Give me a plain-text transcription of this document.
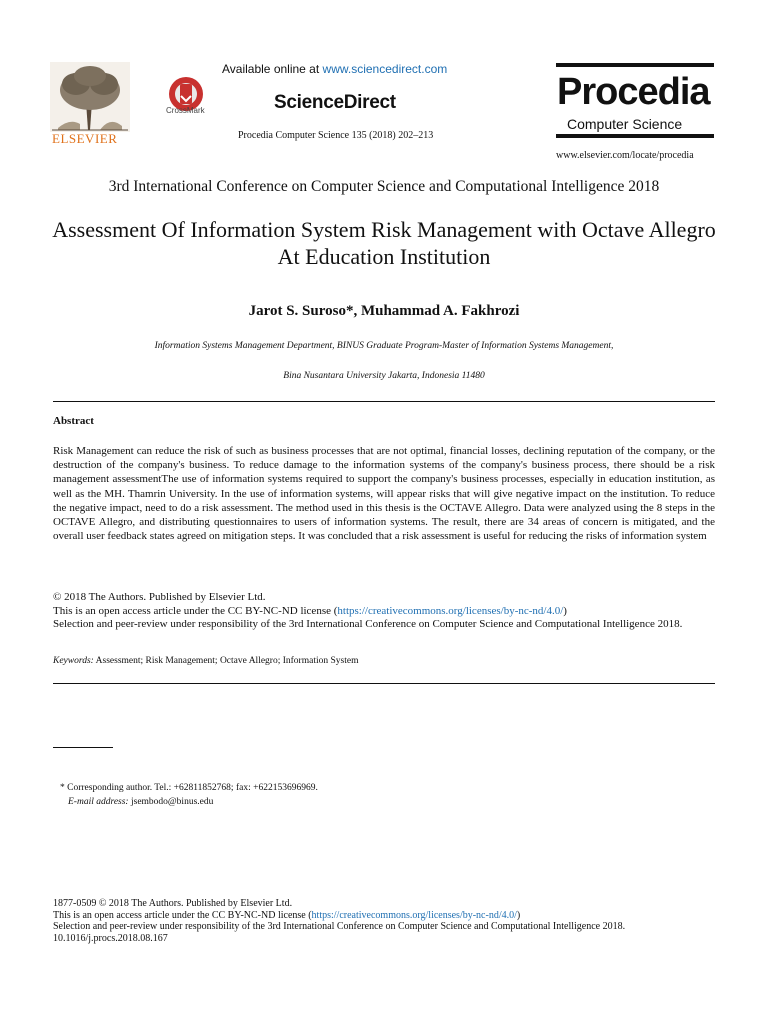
ELSEVIER
CrossMark
Available online at www.sciencedirect.com
ScienceDirect
Procedia Computer Science 135 (2018) 202–213
Procedia
Computer Science
www.elsevier.com/locate/procedia
3rd International Conference on Computer Science and Computational Intelligence 2018
Assessment Of Information System Risk Management with Octave Allegro At Education Institution
Jarot S. Suroso*, Muhammad A. Fakhrozi
Information Systems Management Department, BINUS Graduate Program-Master of Information Systems Management,
Bina Nusantara University Jakarta, Indonesia 11480
Abstract
Risk Management can reduce the risk of such as business processes that are not optimal, financial losses, declining reputation of the company, or the destruction of the company's business. To reduce damage to the information systems of the company's business process, there should be a risk management assessmentThe use of information systems required to support the company's business processes, especially in education institution, as well as the MH. Thamrin University. In the use of information systems, will appear risks that will give negative impact on the institution. To reduce the negative impact, need to do a risk assessment. The method used in this thesis is the OCTAVE Allegro. Data were analyzed using the 8 steps in the OCTAVE Allegro, and distributing questionnaires to users of information systems. The result, there are 34 areas of concern is mitigated, and the overall user feedback states agreed on mitigation steps. It was concluded that a risk assessment is useful for reducing the risks of information system
© 2018 The Authors. Published by Elsevier Ltd.
This is an open access article under the CC BY-NC-ND license (https://creativecommons.org/licenses/by-nc-nd/4.0/)
Selection and peer-review under responsibility of the 3rd International Conference on Computer Science and Computational Intelligence 2018.
Keywords: Assessment; Risk Management; Octave Allegro; Information System
* Corresponding author. Tel.: +62811852768; fax: +622153696969.
E-mail address: jsembodo@binus.edu
1877-0509 © 2018 The Authors. Published by Elsevier Ltd.
This is an open access article under the CC BY-NC-ND license (https://creativecommons.org/licenses/by-nc-nd/4.0/)
Selection and peer-review under responsibility of the 3rd International Conference on Computer Science and Computational Intelligence 2018.
10.1016/j.procs.2018.08.167
